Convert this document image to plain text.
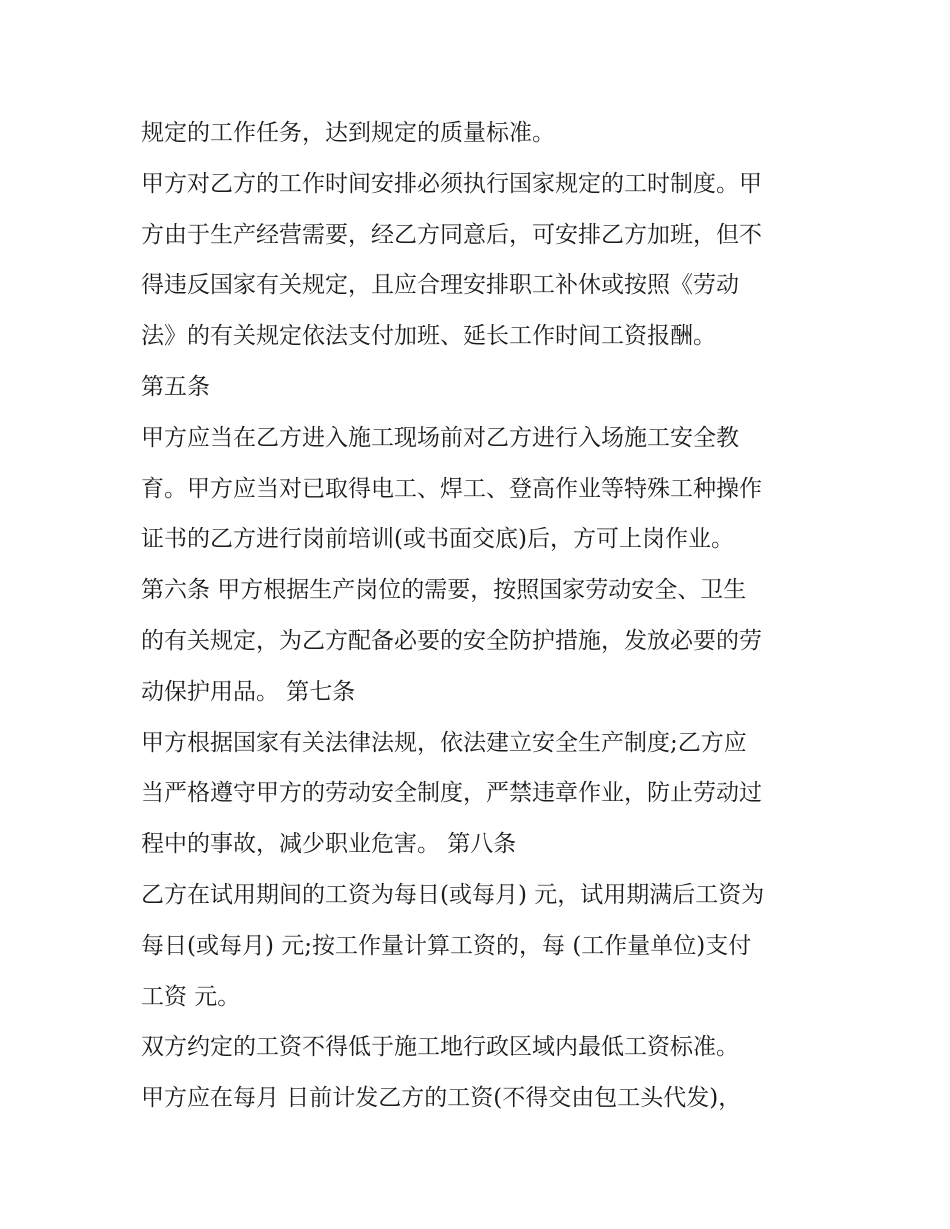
规定的工作任务，达到规定的质量标准。

甲方对乙方的工作时间安排必须执行国家规定的工时制度。甲

方由于生产经营需要，经乙方同意后，可安排乙方加班，但不

得违反国家有关规定，且应合理安排职工补休或按照《劳动

法》的有关规定依法支付加班、延长工作时间工资报酬。

第五条

甲方应当在乙方进入施工现场前对乙方进行入场施工安全教

育。甲方应当对已取得电工、焊工、登高作业等特殊工种操作

证书的乙方进行岗前培训(或书面交底)后，方可上岗作业。

第六条 甲方根据生产岗位的需要，按照国家劳动安全、卫生

的有关规定，为乙方配备必要的安全防护措施，发放必要的劳

动保护用品。 第七条

甲方根据国家有关法律法规，依法建立安全生产制度;乙方应

当严格遵守甲方的劳动安全制度，严禁违章作业，防止劳动过

程中的事故，减少职业危害。 第八条

乙方在试用期间的工资为每日(或每月) 元，试用期满后工资为

每日(或每月) 元;按工作量计算工资的，每 (工作量单位)支付

工资 元。

双方约定的工资不得低于施工地行政区域内最低工资标准。

甲方应在每月 日前计发乙方的工资(不得交由包工头代发)，
